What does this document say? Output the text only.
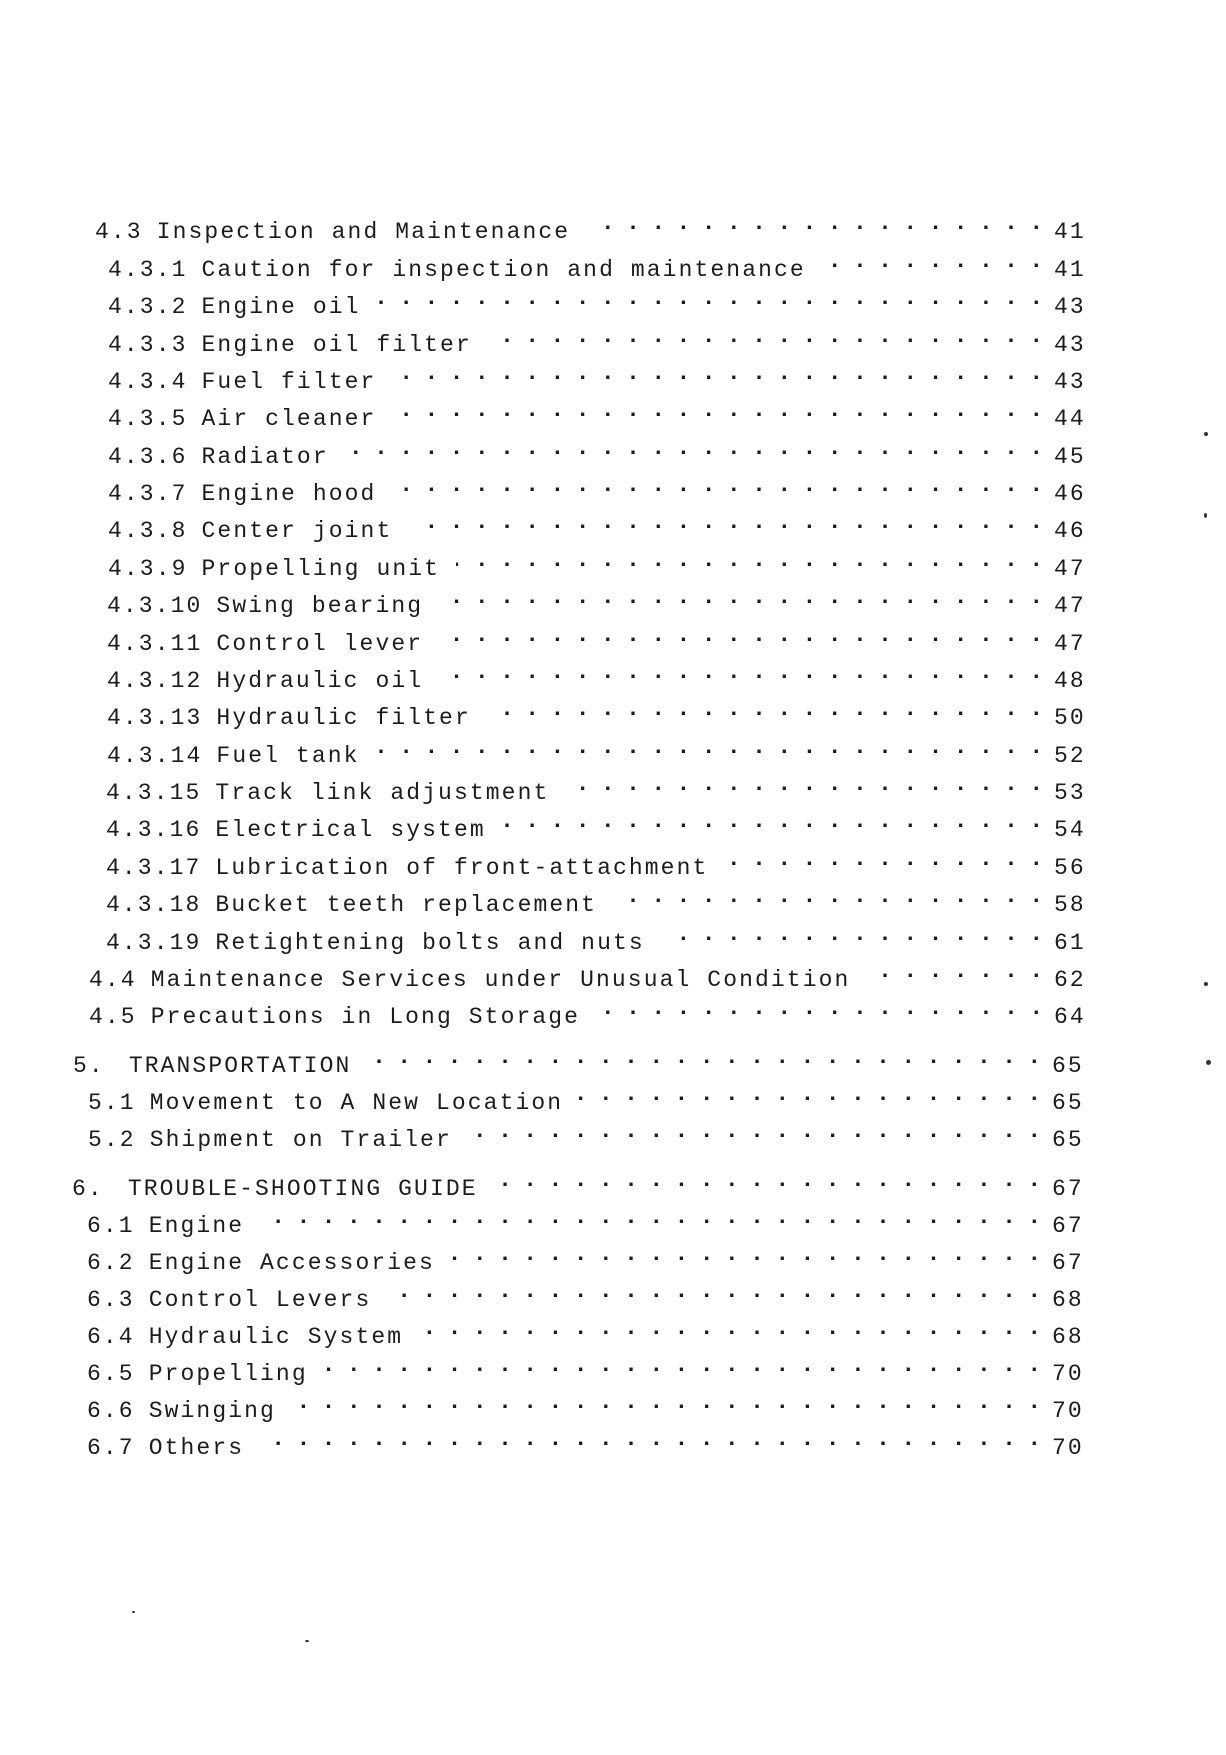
4.3 Inspection and Maintenance . . .	41
4.3.1 Caution for inspection and maintenance . . .	41
4.3.2 Engine oil . . .	43
4.3.3 Engine oil filter . . .	43
4.3.4 Fuel filter . . .	43
4.3.5 Air cleaner . . .	44
4.3.6 Radiator . . .	45
4.3.7 Engine hood . . .	46
4.3.8 Center joint . . .	46
4.3.9 Propelling unit . . .	47
4.3.10 Swing bearing . . .	47
4.3.11 Control lever . . .	47
4.3.12 Hydraulic oil . . .	48
4.3.13 Hydraulic filter . . .	50
4.3.14 Fuel tank . . .	52
4.3.15 Track link adjustment . . .	53
4.3.16 Electrical system . . .	54
4.3.17 Lubrication of front-attachment . . .	56
4.3.18 Bucket teeth replacement . . .	58
4.3.19 Retightening bolts and nuts . . .	61
4.4 Maintenance Services under Unusual Condition . . .	62
4.5 Precautions in Long Storage . . .	64
5. TRANSPORTATION . . .	65
5.1 Movement to A New Location . . .	65
5.2 Shipment on Trailer . . .	65
6. TROUBLE-SHOOTING GUIDE . . .	67
6.1 Engine . . .	67
6.2 Engine Accessories . . .	67
6.3 Control Levers . . .	68
6.4 Hydraulic System . . .	68
6.5 Propelling . . .	70
6.6 Swinging . . .	70
6.7 Others . . .	70
